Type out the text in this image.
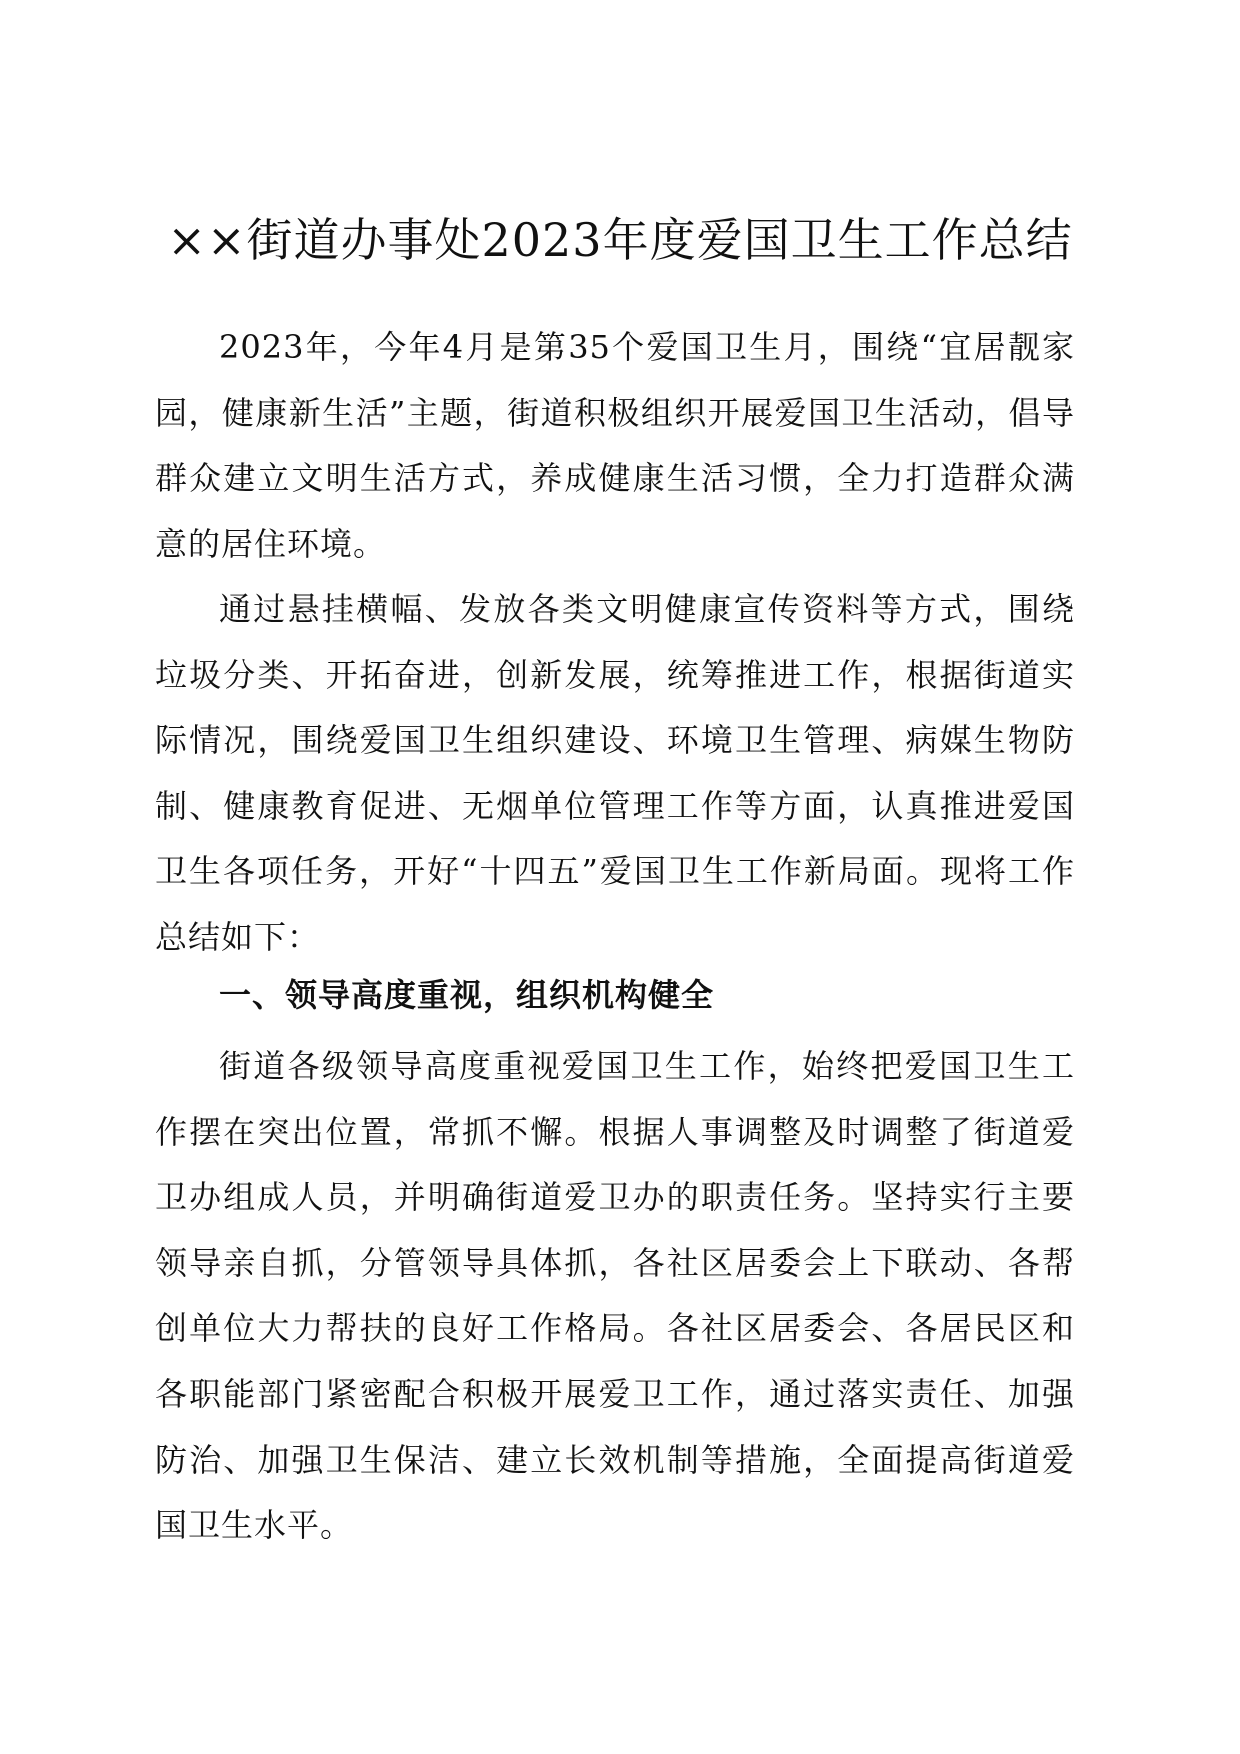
××街道办事处2023年度爱国卫生工作总结

2023年，今年4月是第35个爱国卫生月，围绕“宜居靓家园，健康新生活”主题，街道积极组织开展爱国卫生活动，倡导群众建立文明生活方式，养成健康生活习惯，全力打造群众满意的居住环境。

通过悬挂横幅、发放各类文明健康宣传资料等方式，围绕垃圾分类、开拓奋进，创新发展，统筹推进工作，根据街道实际情况，围绕爱国卫生组织建设、环境卫生管理、病媒生物防制、健康教育促进、无烟单位管理工作等方面，认真推进爱国卫生各项任务，开好“十四五”爱国卫生工作新局面。现将工作总结如下：

一、领导高度重视，组织机构健全

街道各级领导高度重视爱国卫生工作，始终把爱国卫生工作摆在突出位置，常抓不懈。根据人事调整及时调整了街道爱卫办组成人员，并明确街道爱卫办的职责任务。坚持实行主要领导亲自抓，分管领导具体抓，各社区居委会上下联动、各帮创单位大力帮扶的良好工作格局。各社区居委会、各居民区和各职能部门紧密配合积极开展爱卫工作，通过落实责任、加强防治、加强卫生保洁、建立长效机制等措施，全面提高街道爱国卫生水平。
